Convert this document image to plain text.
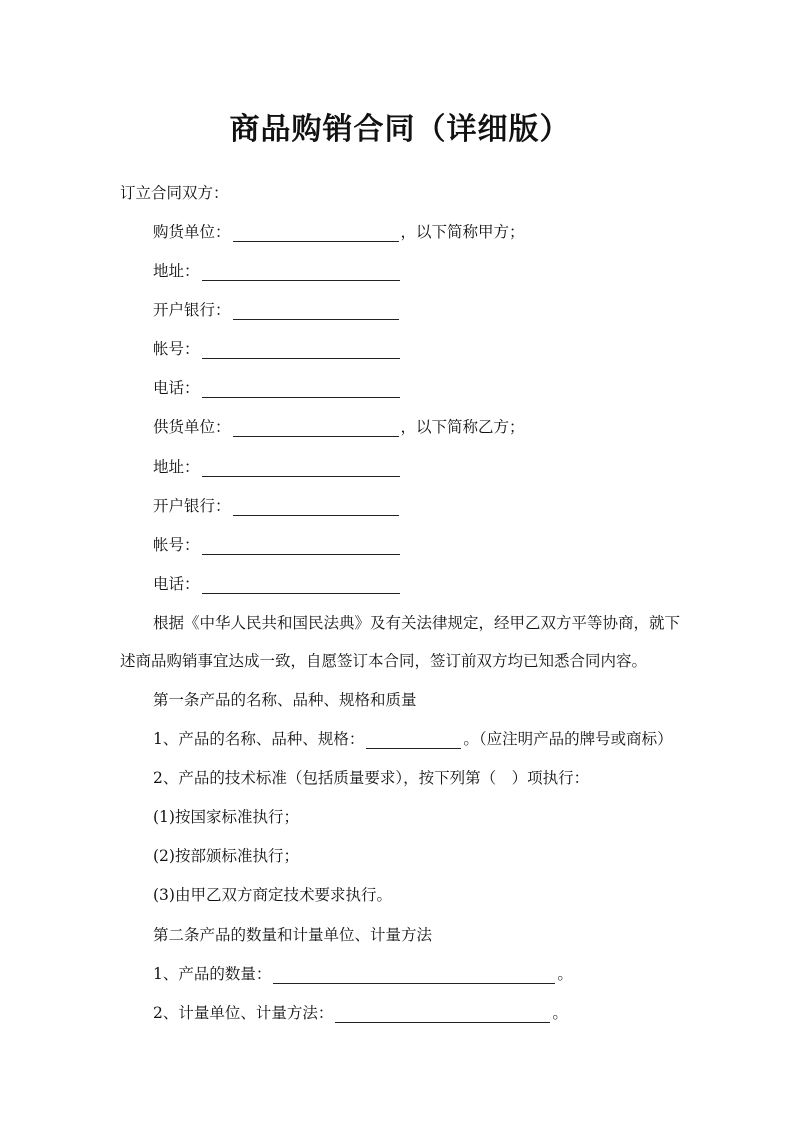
商品购销合同（详细版）
订立合同双方：
购货单位：	，以下简称甲方；
地址：
开户银行：
帐号：
电话：
供货单位：	，以下简称乙方；
地址：
开户银行：
帐号：
电话：
根据《中华人民共和国民法典》及有关法律规定，经甲乙双方平等协商，就下述商品购销事宜达成一致，自愿签订本合同，签订前双方均已知悉合同内容。
第一条产品的名称、品种、规格和质量
1、产品的名称、品种、规格：	。（应注明产品的牌号或商标）
2、产品的技术标准（包括质量要求），按下列第（　）项执行：
(1)按国家标准执行；
(2)按部颁标准执行；
(3)由甲乙双方商定技术要求执行。
第二条产品的数量和计量单位、计量方法
1、产品的数量：	。
2、计量单位、计量方法：	。
